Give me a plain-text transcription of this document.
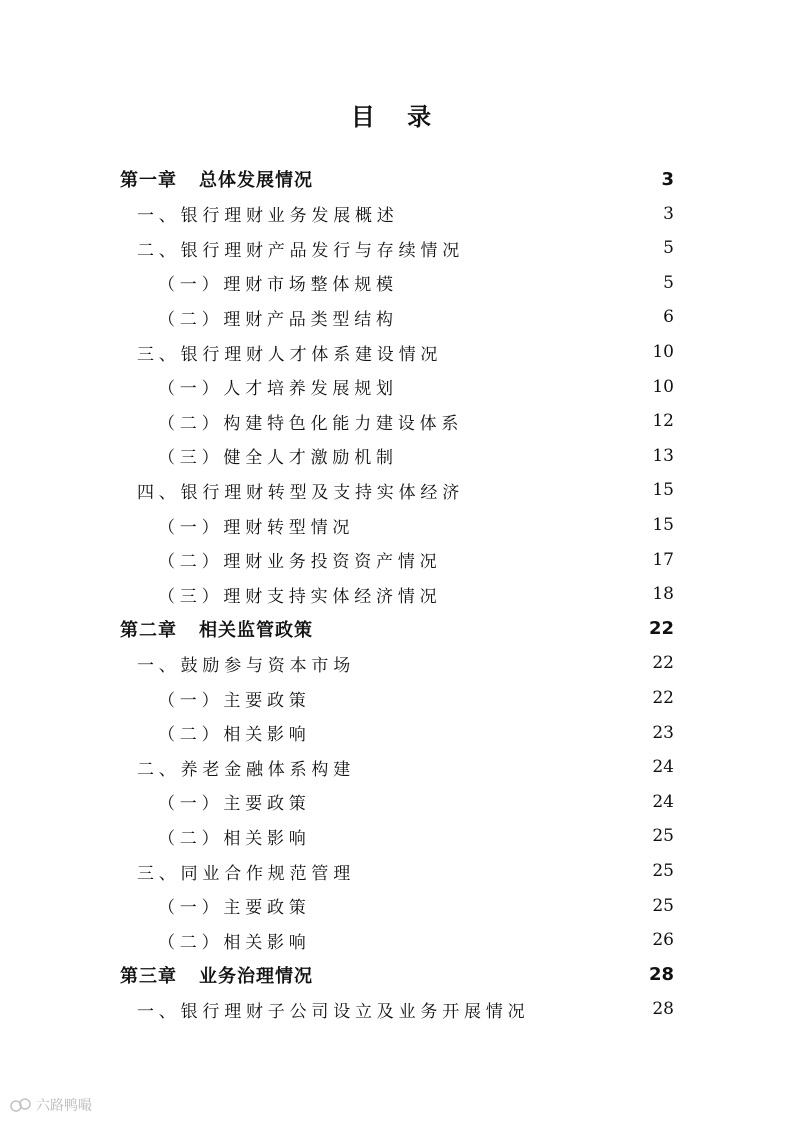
目 录
第一章 总体发展情况	3
一、银行理财业务发展概述	3
二、银行理财产品发行与存续情况	5
（一）理财市场整体规模	5
（二）理财产品类型结构	6
三、银行理财人才体系建设情况	10
（一）人才培养发展规划	10
（二）构建特色化能力建设体系	12
（三）健全人才激励机制	13
四、银行理财转型及支持实体经济	15
（一）理财转型情况	15
（二）理财业务投资资产情况	17
（三）理财支持实体经济情况	18
第二章 相关监管政策	22
一、鼓励参与资本市场	22
（一）主要政策	22
（二）相关影响	23
二、养老金融体系构建	24
（一）主要政策	24
（二）相关影响	25
三、同业合作规范管理	25
（一）主要政策	25
（二）相关影响	26
第三章 业务治理情况	28
一、银行理财子公司设立及业务开展情况	28
六路鸭嘬
